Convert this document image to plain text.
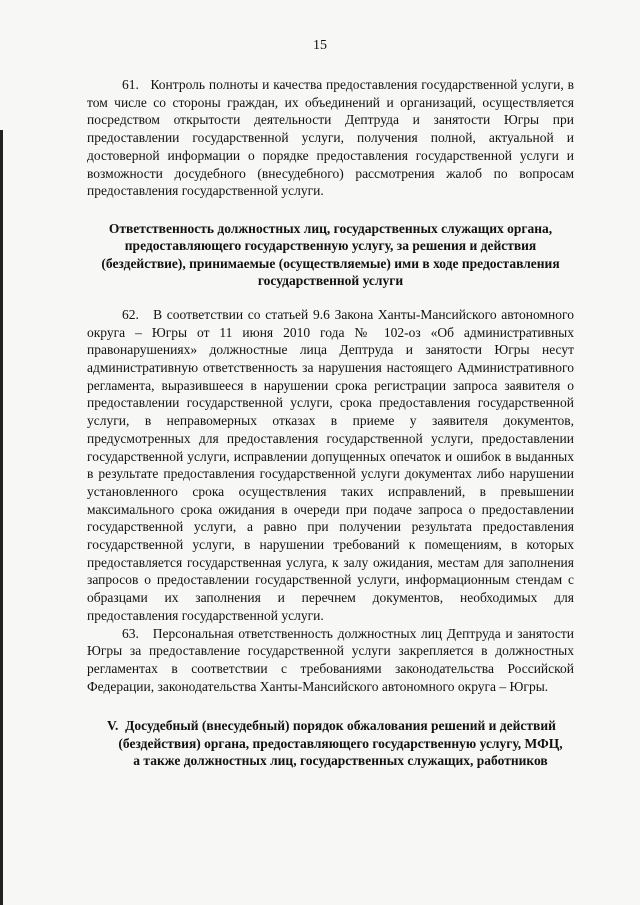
15

61.   Контроль полноты и качества предоставления государственной услуги, в том числе со стороны граждан, их объединений и организаций, осуществляется посредством открытости деятельности Дептруда и занятости Югры при предоставлении государственной услуги, получения полной, актуальной и достоверной информации о порядке предоставления государственной услуги и возможности досудебного (внесудебного) рассмотрения жалоб по вопросам предоставления государственной услуги.

Ответственность должностных лиц, государственных служащих органа, предоставляющего государственную услугу, за решения и действия (бездействие), принимаемые (осуществляемые) ими в ходе предоставления государственной услуги

62.   В соответствии со статьей 9.6 Закона Ханты-Мансийского автономного округа – Югры от 11 июня 2010 года № 102-оз «Об административных правонарушениях» должностные лица Дептруда и занятости Югры несут административную ответственность за нарушения настоящего Административного регламента, выразившееся в нарушении срока регистрации запроса заявителя о предоставлении государственной услуги, срока предоставления государственной услуги, в неправомерных отказах в приеме у заявителя документов, предусмотренных для предоставления государственной услуги, предоставлении государственной услуги, исправлении допущенных опечаток и ошибок в выданных в результате предоставления государственной услуги документах либо нарушении установленного срока осуществления таких исправлений, в превышении максимального срока ожидания в очереди при подаче запроса о предоставлении государственной услуги, а равно при получении результата предоставления государственной услуги, в нарушении требований к помещениям, в которых предоставляется государственная услуга, к залу ожидания, местам для заполнения запросов о предоставлении государственной услуги, информационным стендам с образцами их заполнения и перечнем документов, необходимых для предоставления государственной услуги.

63.   Персональная ответственность должностных лиц Дептруда и занятости Югры за предоставление государственной услуги закрепляется в должностных регламентах в соответствии с требованиями законодательства Российской Федерации, законодательства Ханты-Мансийского автономного округа – Югры.

V. Досудебный (внесудебный) порядок обжалования решений и действий (бездействия) органа, предоставляющего государственную услугу, МФЦ, а также должностных лиц, государственных служащих, работников
